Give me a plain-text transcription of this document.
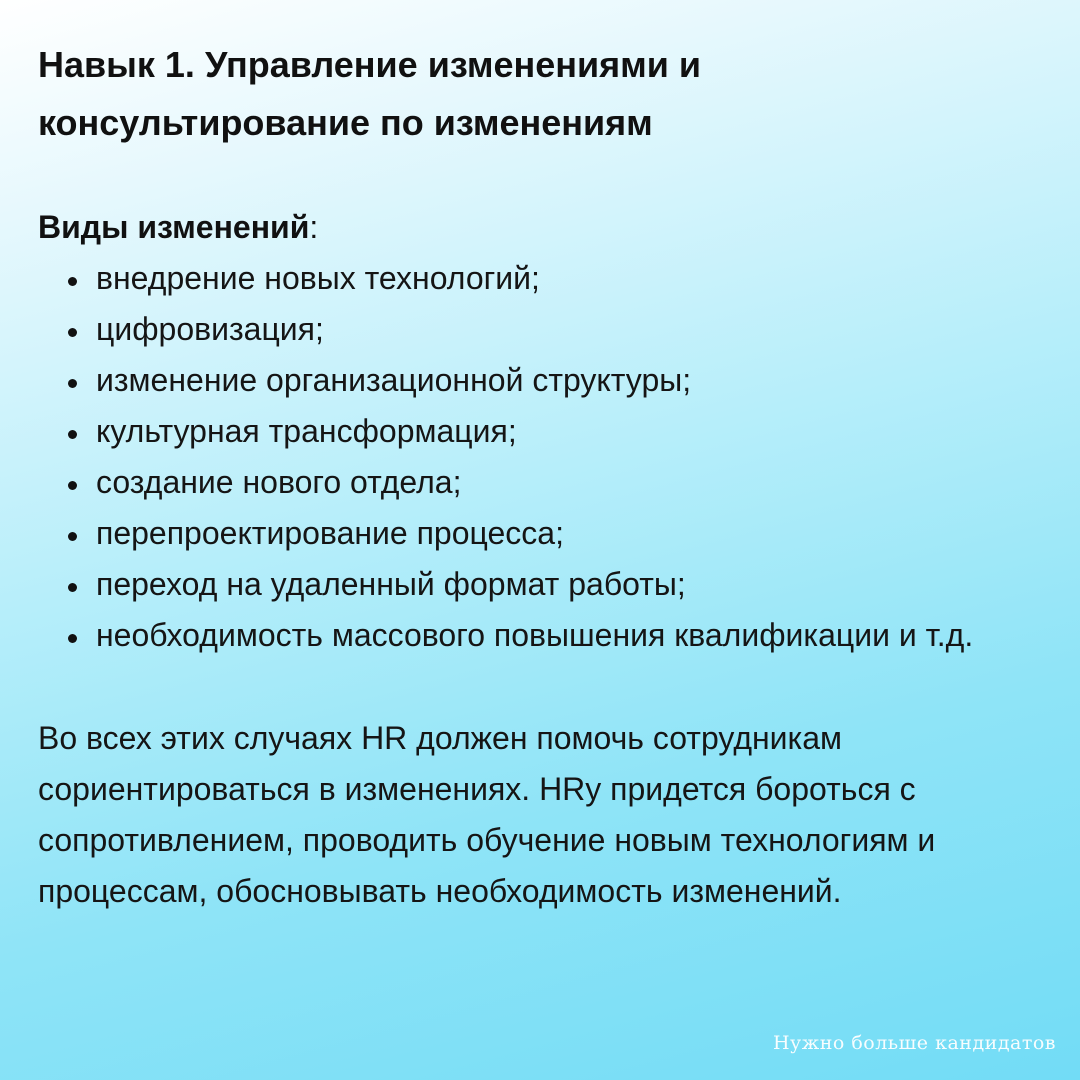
Навык 1. Управление изменениями и
консультирование по изменениям

Виды изменений:

внедрение новых технологий;
цифровизация;
изменение организационной структуры;
культурная трансформация;
создание нового отдела;
перепроектирование процесса;
переход на удаленный формат работы;
необходимость массового повышения квалификации и т.д.

Во всех этих случаях HR должен помочь сотрудникам
сориентироваться в изменениях. HRу придется бороться с
сопротивлением, проводить обучение новым технологиям и
процессам, обосновывать необходимость изменений.

Нужно больше кандидатов
